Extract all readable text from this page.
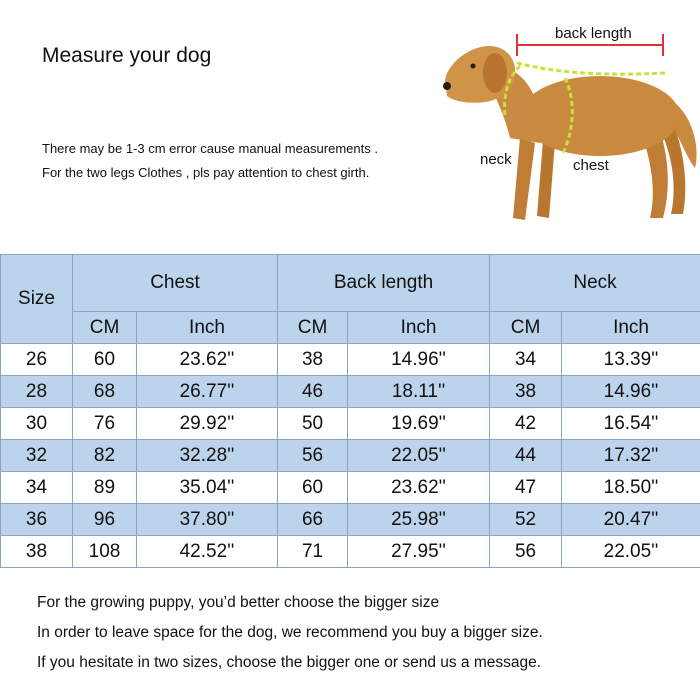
Measure your dog
There may be 1-3 cm error cause manual measurements .
For the two legs Clothes , pls pay attention to chest girth.
back length
neck	chest
Size	Chest		Back length		Neck	
	CM	Inch	CM	Inch	CM	Inch
26	60	23.62''	38	14.96''	34	13.39''
28	68	26.77''	46	18.11''	38	14.96''
30	76	29.92''	50	19.69''	42	16.54''
32	82	32.28''	56	22.05''	44	17.32''
34	89	35.04''	60	23.62''	47	18.50''
36	96	37.80''	66	25.98''	52	20.47''
38	108	42.52''	71	27.95''	56	22.05''
For the growing puppy, you’d better choose the bigger size
In order to leave space for the dog, we recommend you buy a bigger size.
If you hesitate in two sizes, choose the bigger one or send us a message.
